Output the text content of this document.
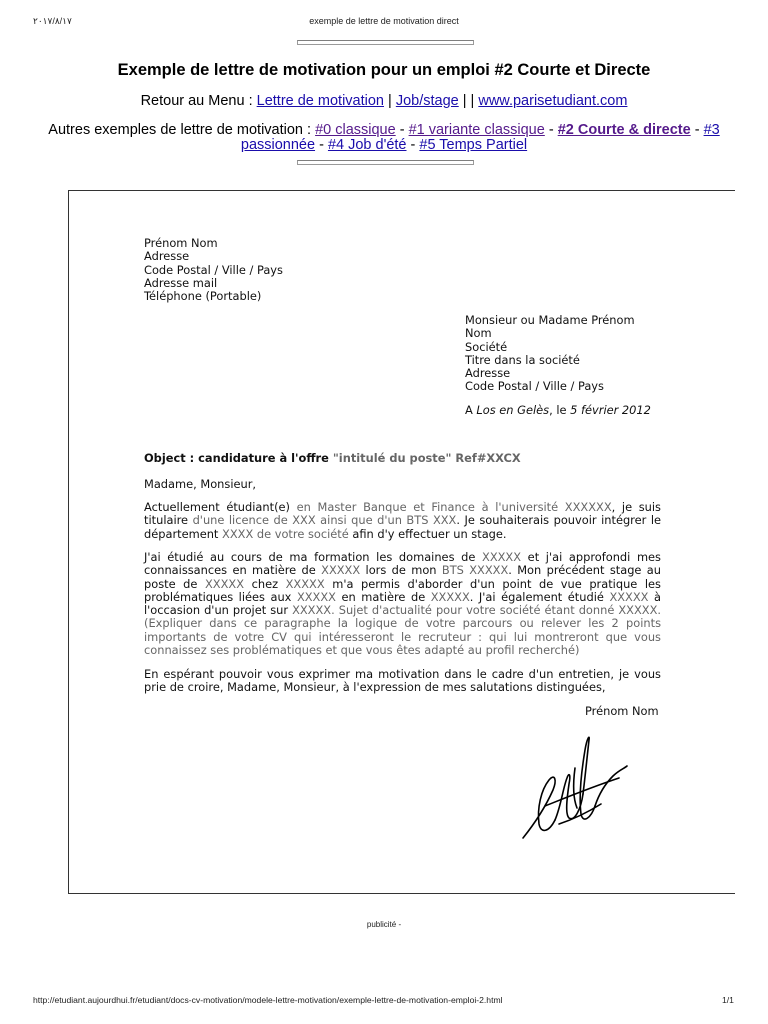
٢٠١٧/٨/١٧	exemple de lettre de motivation direct
Exemple de lettre de motivation pour un emploi #2 Courte et Directe
Retour au Menu : Lettre de motivation | Job/stage | | www.parisetudiant.com
Autres exemples de lettre de motivation : #0 classique - #1 variante classique - #2 Courte & directe - #3
passionnée - #4 Job d'été - #5 Temps Partiel
Prénom Nom
Adresse
Code Postal / Ville / Pays
Adresse mail
Téléphone (Portable)
Monsieur ou Madame Prénom
Nom
Société
Titre dans la société
Adresse
Code Postal / Ville / Pays
A Los en Gelès, le 5 février 2012
Object : candidature à l'offre "intitulé du poste" Ref#XXCX
Madame, Monsieur,
Actuellement étudiant(e) en Master Banque et Finance à l'université XXXXXX, je suis titulaire d'une licence de XXX ainsi que d'un BTS XXX. Je souhaiterais pouvoir intégrer le département XXXX de votre société afin d'y effectuer un stage.
J'ai étudié au cours de ma formation les domaines de XXXXX et j'ai approfondi mes connaissances en matière de XXXXX lors de mon BTS XXXXX. Mon précédent stage au poste de XXXXX chez XXXXX m'a permis d'aborder d'un point de vue pratique les problématiques liées aux XXXXX en matière de XXXXX. J'ai également étudié XXXXX à l'occasion d'un projet sur XXXXX. Sujet d'actualité pour votre société étant donné XXXXX. (Expliquer dans ce paragraphe la logique de votre parcours ou relever les 2 points importants de votre CV qui intéresseront le recruteur : qui lui montreront que vous connaissez ses problématiques et que vous êtes adapté au profil recherché)
En espérant pouvoir vous exprimer ma motivation dans le cadre d'un entretien, je vous prie de croire, Madame, Monsieur, à l'expression de mes salutations distinguées,
Prénom Nom
publicité -
http://etudiant.aujourdhui.fr/etudiant/docs-cv-motivation/modele-lettre-motivation/exemple-lettre-de-motivation-emploi-2.html	1/1
